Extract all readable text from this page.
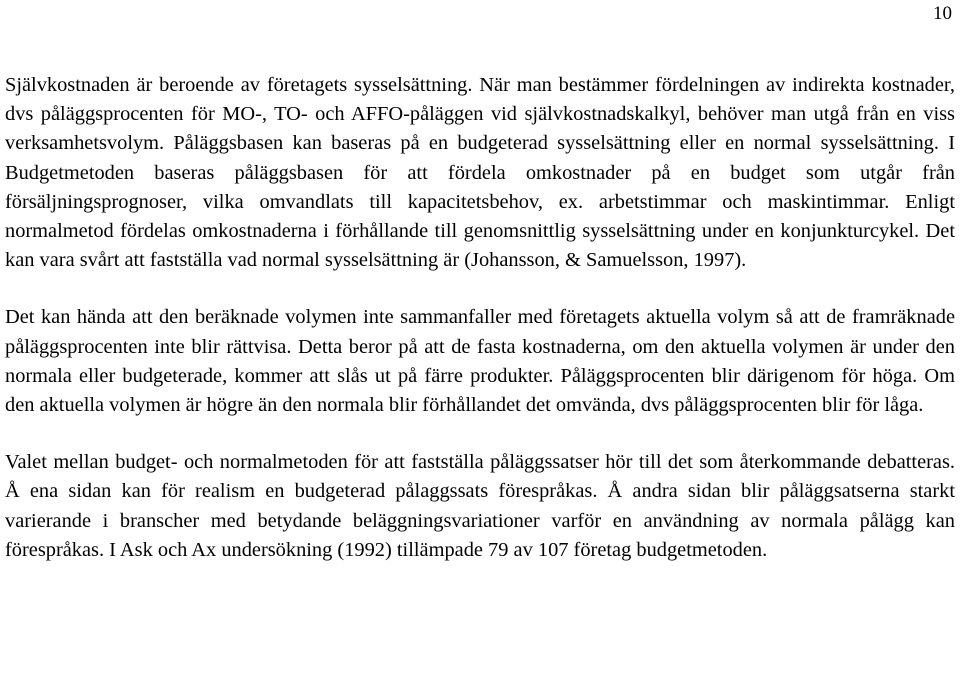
10

Självkostnaden är beroende av företagets sysselsättning. När man bestämmer fördelningen av indirekta kostnader, dvs påläggsprocenten för MO-, TO- och AFFO-påläggen vid självkostnadskalkyl, behöver man utgå från en viss verksamhetsvolym. Påläggsbasen kan baseras på en budgeterad sysselsättning eller en normal sysselsättning. I Budgetmetoden baseras påläggsbasen för att fördela omkostnader på en budget som utgår från försäljningsprognoser, vilka omvandlats till kapacitetsbehov, ex. arbetstimmar och maskintimmar. Enligt normalmetod fördelas omkostnaderna i förhållande till genomsnittlig sysselsättning under en konjunkturcykel. Det kan vara svårt att fastställa vad normal sysselsättning är (Johansson, & Samuelsson, 1997).

Det kan hända att den beräknade volymen inte sammanfaller med företagets aktuella volym så att de framräknade påläggsprocenten inte blir rättvisa. Detta beror på att de fasta kostnaderna, om den aktuella volymen är under den normala eller budgeterade, kommer att slås ut på färre produkter. Påläggsprocenten blir därigenom för höga. Om den aktuella volymen är högre än den normala blir förhållandet det omvända, dvs påläggsprocenten blir för låga.

Valet mellan budget- och normalmetoden för att fastställa påläggssatser hör till det som återkommande debatteras. Å ena sidan kan för realism en budgeterad pålaggssats förespråkas. Å andra sidan blir påläggsatserna starkt varierande i branscher med betydande beläggningsvariationer varför en användning av normala pålägg kan förespråkas. I Ask och Ax undersökning (1992) tillämpade 79 av 107 företag budgetmetoden.
